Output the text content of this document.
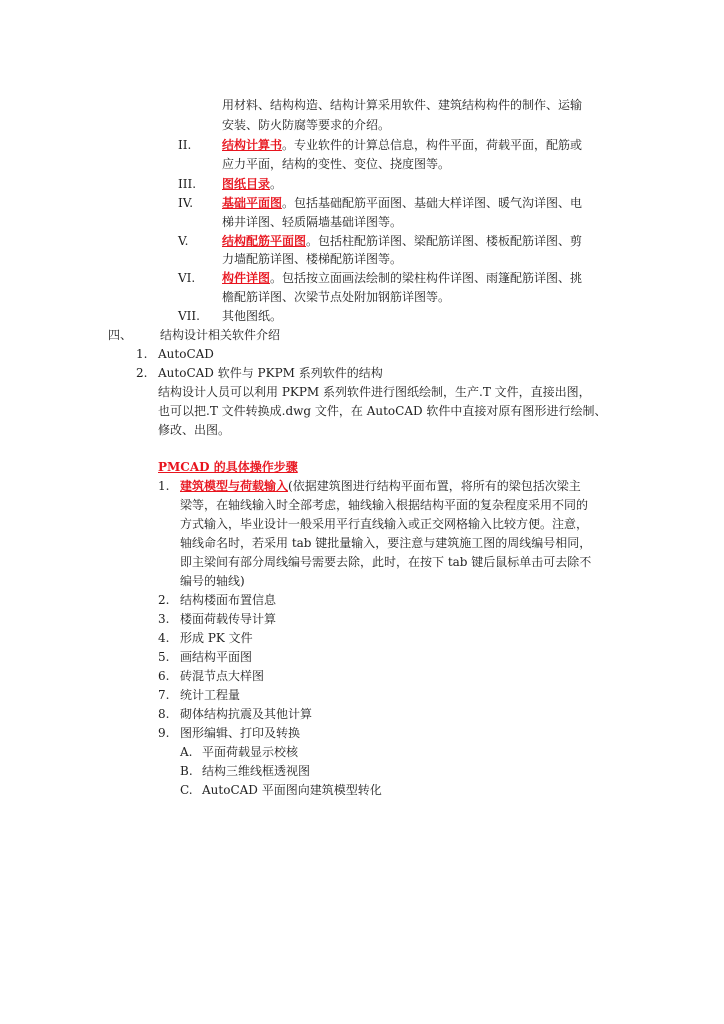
用材料、结构构造、结构计算采用软件、建筑结构构件的制作、运输
安装、防火防腐等要求的介绍。
II.	结构计算书。专业软件的计算总信息，构件平面，荷载平面，配筋或
应力平面，结构的变性、变位、挠度图等。
III. 图纸目录。
IV. 基础平面图。包括基础配筋平面图、基础大样详图、暖气沟详图、电
梯井详图、轻质隔墙基础详图等。
V.	结构配筋平面图。包括柱配筋详图、梁配筋详图、楼板配筋详图、剪
力墙配筋详图、楼梯配筋详图等。
VI. 构件详图。包括按立面画法绘制的梁柱构件详图、雨篷配筋详图、挑
檐配筋详图、次梁节点处附加钢筋详图等。
VII. 其他图纸。
四、 结构设计相关软件介绍
1. AutoCAD
2. AutoCAD 软件与 PKPM 系列软件的结构
结构设计人员可以利用 PKPM 系列软件进行图纸绘制，生产.T 文件，直接出图，
也可以把.T 文件转换成.dwg 文件，在 AutoCAD 软件中直接对原有图形进行绘制、
修改、出图。
PMCAD 的具体操作步骤
1. 建筑模型与荷载输入(依据建筑图进行结构平面布置，将所有的梁包括次梁主
梁等，在轴线输入时全部考虑，轴线输入根据结构平面的复杂程度采用不同的
方式输入，毕业设计一般采用平行直线输入或正交网格输入比较方便。注意，
轴线命名时，若采用 tab 键批量输入，要注意与建筑施工图的周线编号相同，
即主梁间有部分周线编号需要去除，此时，在按下 tab 键后鼠标单击可去除不
编号的轴线)
2. 结构楼面布置信息
3. 楼面荷载传导计算
4. 形成 PK 文件
5. 画结构平面图
6. 砖混节点大样图
7. 统计工程量
8. 砌体结构抗震及其他计算
9. 图形编辑、打印及转换
A. 平面荷载显示校核
B. 结构三维线框透视图
C. AutoCAD 平面图向建筑模型转化
